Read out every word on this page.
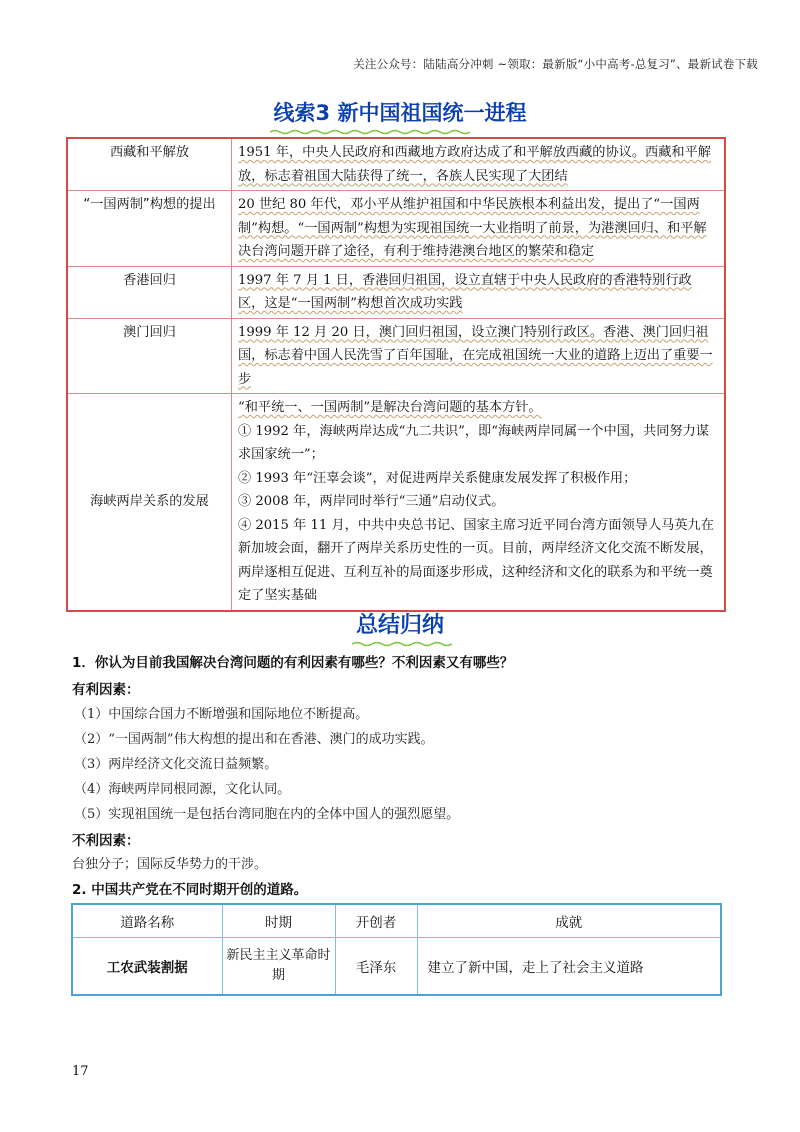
关注公众号：陆陆高分冲刺 ~领取：最新版“小中高考-总复习”、最新试卷下载
线索3 新中国祖国统一进程
西藏和平解放	1951 年，中央人民政府和西藏地方政府达成了和平解放西藏的协议。西藏和平解放，标志着祖国大陆获得了统一，各族人民实现了大团结

“一国两制”构想的提出	20 世纪 80 年代，邓小平从维护祖国和中华民族根本利益出发，提出了“一国两制”构想。“一国两制”构想为实现祖国统一大业指明了前景，为港澳回归、和平解决台湾问题开辟了途径，有利于维持港澳台地区的繁荣和稳定

香港回归	1997 年 7 月 1 日，香港回归祖国，设立直辖于中央人民政府的香港特别行政区，这是“一国两制”构想首次成功实践

澳门回归	1999 年 12 月 20 日，澳门回归祖国，设立澳门特别行政区。香港、澳门回归祖国，标志着中国人民洗雪了百年国耻，在完成祖国统一大业的道路上迈出了重要一步

海峡两岸关系的发展	“和平统一、一国两制”是解决台湾问题的基本方针。

① 1992 年，海峡两岸达成“九二共识”，即“海峡两岸同属一个中国，共同努力谋求国家统一”；

② 1993 年“汪辜会谈”，对促进两岸关系健康发展发挥了积极作用；

③ 2008 年，两岸同时举行“三通”启动仪式。

④ 2015 年 11 月，中共中央总书记、国家主席习近平同台湾方面领导人马英九在新加坡会面，翻开了两岸关系历史性的一页。目前，两岸经济文化交流不断发展，两岸逐相互促进、互利互补的局面逐步形成，这种经济和文化的联系为和平统一奠定了坚实基础

总结归纳
1．你认为目前我国解决台湾问题的有利因素有哪些？不利因素又有哪些？
有利因素：
（1）中国综合国力不断增强和国际地位不断提高。
（2）“一国两制”伟大构想的提出和在香港、澳门的成功实践。
（3）两岸经济文化交流日益频繁。
（4）海峡两岸同根同源，文化认同。
（5）实现祖国统一是包括台湾同胞在内的全体中国人的强烈愿望。
不利因素：
台独分子；国际反华势力的干涉。
2. 中国共产党在不同时期开创的道路。
道路名称	时期	开创者	成就
工农武装割据	新民主主义革命时期	毛泽东	建立了新中国，走上了社会主义道路
17
